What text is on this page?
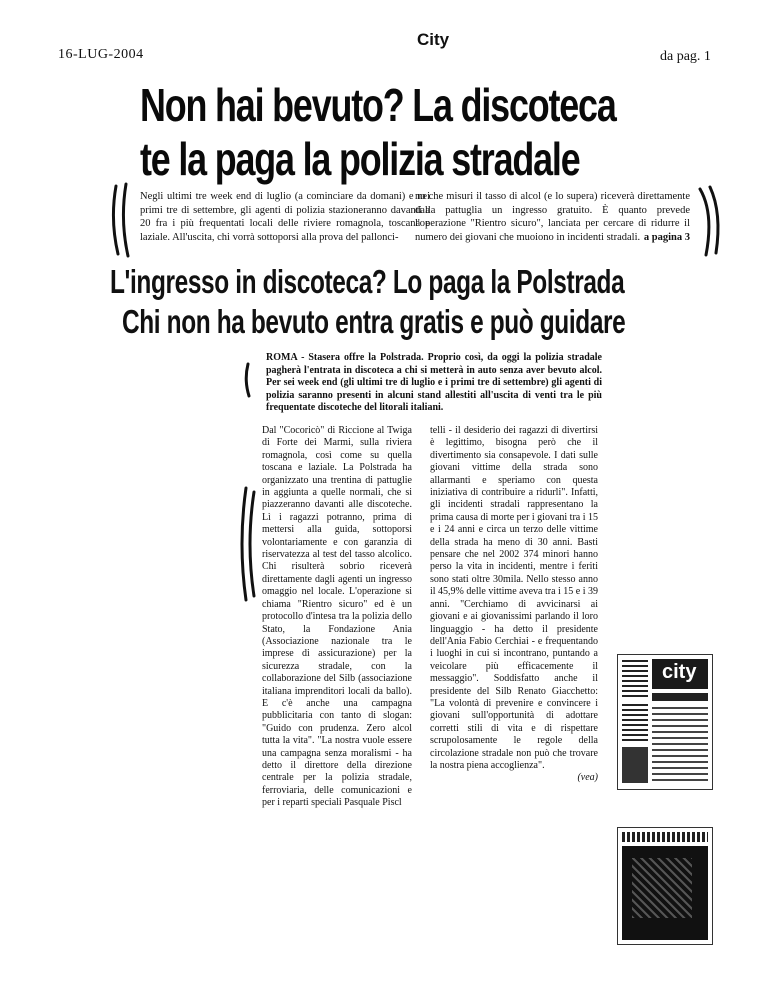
16-LUG-2004
City
da pag. 1
Non hai bevuto? La discoteca
te la paga la polizia stradale
Negli ultimi tre week end di luglio (a cominciare da domani) e nei primi tre di settembre, gli agenti di polizia stazioneranno davanti a 20 fra i più frequentati locali delle riviere romagnola, toscana e laziale. All'uscita, chi vorrà sottoporsi alla prova del pallonci-
no che misuri il tasso di alcol (e lo supera) riceverà direttamente dalla pattuglia un ingresso gratuito. È quanto prevede l'operazione "Rientro sicuro", lanciata per cercare di ridurre il numero dei giovani che muoiono in incidenti stradali. a pagina 3
L'ingresso in discoteca? Lo paga la Polstrada
Chi non ha bevuto entra gratis e può guidare
ROMA - Stasera offre la Polstrada. Proprio così, da oggi la polizia stradale pagherà l'entrata in discoteca a chi si metterà in auto senza aver bevuto alcol. Per sei week end (gli ultimi tre di luglio e i primi tre di settembre) gli agenti di polizia saranno presenti in alcuni stand allestiti all'uscita di venti tra le più frequentate discoteche del litorali italiani.
Dal "Cocoricò" di Riccione al Twiga di Forte dei Marmi, sulla riviera romagnola, così come su quella toscana e laziale. La Polstrada ha organizzato una trentina di pattuglie in aggiunta a quelle normali, che si piazzeranno davanti alle discoteche. Lì i ragazzi potranno, prima di mettersi alla guida, sottoporsi volontariamente e con garanzia di riservatezza al test del tasso alcolico. Chi risulterà sobrio riceverà direttamente dagli agenti un ingresso omaggio nel locale. L'operazione si chiama "Rientro sicuro" ed è un protocollo d'intesa tra la polizia dello Stato, la Fondazione Ania (Associazione nazionale tra le imprese di assicurazione) per la sicurezza stradale, con la collaborazione del Silb (associazione italiana imprenditori locali da ballo). E c'è anche una campagna pubblicitaria con tanto di slogan: "Guido con prudenza. Zero alcol tutta la vita". "La nostra vuole essere una campagna senza moralismi - ha detto il direttore della direzione centrale per la polizia stradale, ferroviaria, delle comunicazioni e per i reparti speciali Pasquale Piscl
telli - il desiderio dei ragazzi di divertirsi è legittimo, bisogna però che il divertimento sia consapevole. I dati sulle giovani vittime della strada sono allarmanti e speriamo con questa iniziativa di contribuire a ridurli". Infatti, gli incidenti stradali rappresentano la prima causa di morte per i giovani tra i 15 e i 24 anni e circa un terzo delle vittime della strada ha meno di 30 anni. Basti pensare che nel 2002 374 minori hanno perso la vita in incidenti, mentre i feriti sono stati oltre 30mila. Nello stesso anno il 45,9% delle vittime aveva tra i 15 e i 39 anni. "Cerchiamo di avvicinarsi ai giovani e ai giovanissimi parlando il loro linguaggio - ha detto il presidente dell'Ania Fabio Cerchiai - e frequentando i luoghi in cui si incontrano, puntando a veicolare più efficacemente il messaggio". Soddisfatto anche il presidente del Silb Renato Giacchetto: "La volontà di prevenire e convincere i giovani sull'opportunità di adottare corretti stili di vita e di rispettare scrupolosamente le regole della circolazione stradale non può che trovare la nostra piena accoglienza".
(vea)
city
